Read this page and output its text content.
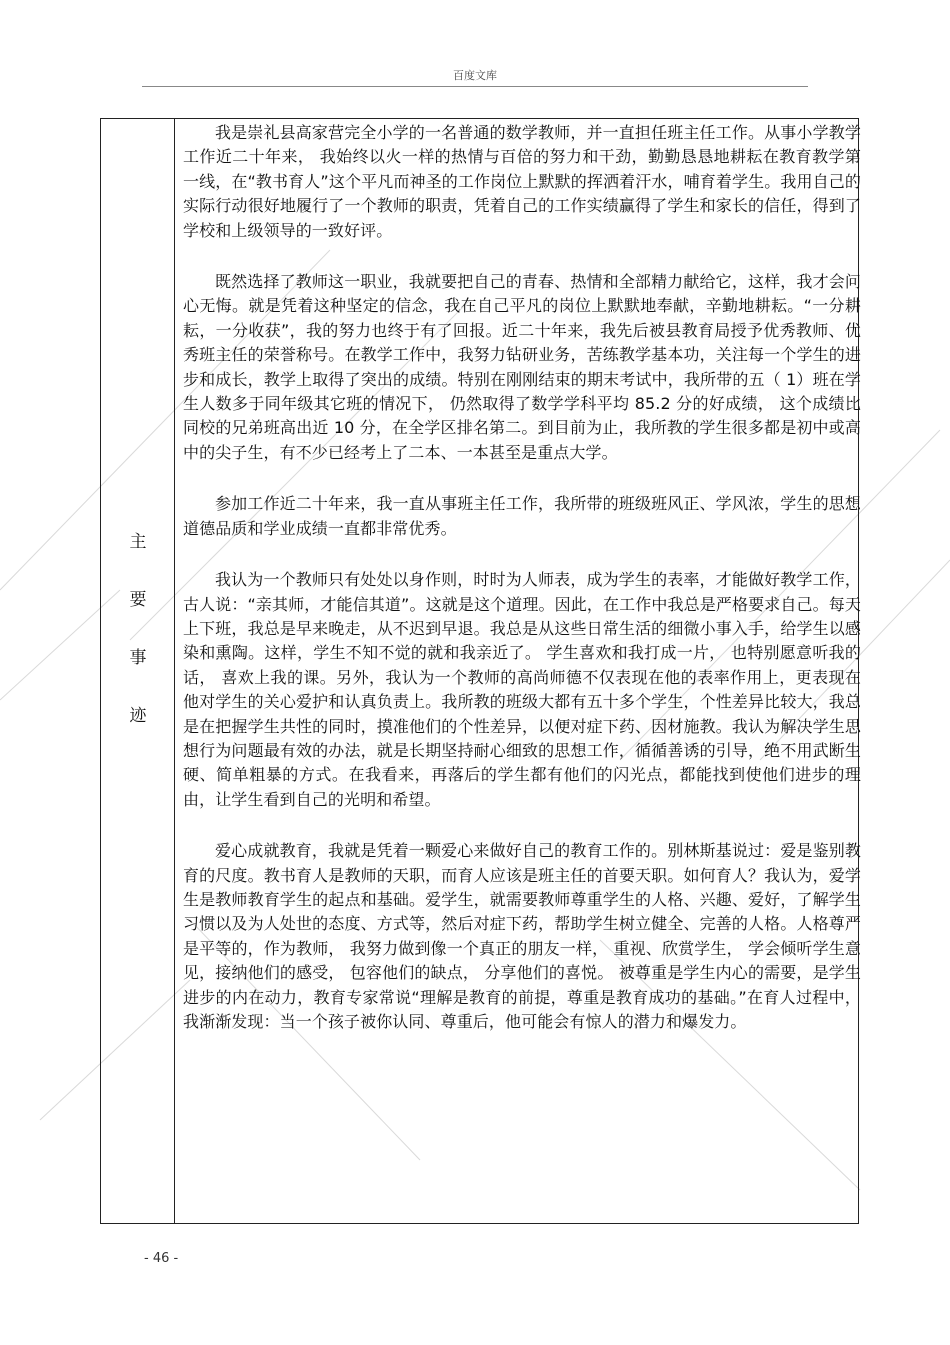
百度文库
主
要
事
迹

我是崇礼县高家营完全小学的一名普通的数学教师，并一直担任班主任工作。从事小学教学工作近二十年来， 我始终以火一样的热情与百倍的努力和干劲，勤勤恳恳地耕耘在教育教学第一线，在“教书育人”这个平凡而神圣的工作岗位上默默的挥洒着汗水，哺育着学生。我用自己的实际行动很好地履行了一个教师的职责，凭着自己的工作实绩赢得了学生和家长的信任，得到了学校和上级领导的一致好评。

既然选择了教师这一职业，我就要把自己的青春、热情和全部精力献给它，这样，我才会问心无悔。就是凭着这种坚定的信念，我在自己平凡的岗位上默默地奉献，辛勤地耕耘。“一分耕耘，一分收获”，我的努力也终于有了回报。近二十年来，我先后被县教育局授予优秀教师、优秀班主任的荣誉称号。在教学工作中，我努力钻研业务，苦练教学基本功，关注每一个学生的进步和成长，教学上取得了突出的成绩。特别在刚刚结束的期末考试中，我所带的五（ 1）班在学生人数多于同年级其它班的情况下， 仍然取得了数学学科平均 85.2 分的好成绩， 这个成绩比同校的兄弟班高出近 10 分，在全学区排名第二。到目前为止，我所教的学生很多都是初中或高中的尖子生，有不少已经考上了二本、一本甚至是重点大学。

参加工作近二十年来，我一直从事班主任工作，我所带的班级班风正、学风浓，学生的思想道德品质和学业成绩一直都非常优秀。

我认为一个教师只有处处以身作则，时时为人师表，成为学生的表率，才能做好教学工作，古人说：“亲其师，才能信其道”。这就是这个道理。因此，在工作中我总是严格要求自己。每天上下班，我总是早来晚走，从不迟到早退。我总是从这些日常生活的细微小事入手，给学生以感染和熏陶。这样，学生不知不觉的就和我亲近了。 学生喜欢和我打成一片， 也特别愿意听我的话， 喜欢上我的课。另外，我认为一个教师的高尚师德不仅表现在他的表率作用上，更表现在他对学生的关心爱护和认真负责上。我所教的班级大都有五十多个学生，个性差异比较大，我总是在把握学生共性的同时，摸准他们的个性差异，以便对症下药、因材施教。我认为解决学生思想行为问题最有效的办法，就是长期坚持耐心细致的思想工作，循循善诱的引导，绝不用武断生硬、简单粗暴的方式。在我看来，再落后的学生都有他们的闪光点，都能找到使他们进步的理由，让学生看到自己的光明和希望。

爱心成就教育，我就是凭着一颗爱心来做好自己的教育工作的。别林斯基说过：爱是鉴别教育的尺度。教书育人是教师的天职，而育人应该是班主任的首要天职。如何育人？我认为，爱学生是教师教育学生的起点和基础。爱学生，就需要教师尊重学生的人格、兴趣、爱好，了解学生习惯以及为人处世的态度、方式等，然后对症下药，帮助学生树立健全、完善的人格。人格尊严是平等的，作为教师， 我努力做到像一个真正的朋友一样， 重视、欣赏学生， 学会倾听学生意见，接纳他们的感受， 包容他们的缺点， 分享他们的喜悦。 被尊重是学生内心的需要，是学生进步的内在动力，教育专家常说“理解是教育的前提，尊重是教育成功的基础。”在育人过程中，我渐渐发现：当一个孩子被你认同、尊重后，他可能会有惊人的潜力和爆发力。

- 46 -
